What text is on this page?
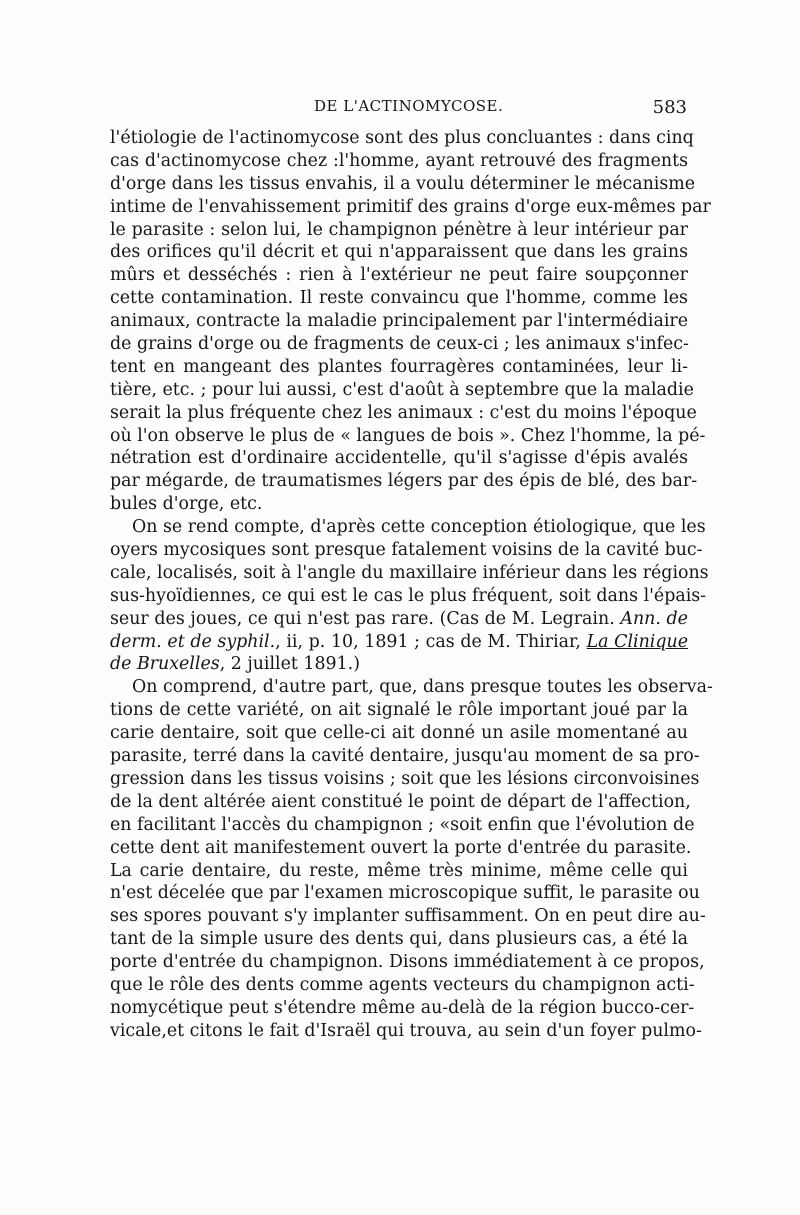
DE L'ACTINOMYCOSE.	583
l'étiologie de l'actinomycose sont des plus concluantes : dans cinq
cas d'actinomycose chez :l'homme, ayant retrouvé des fragments
d'orge dans les tissus envahis, il a voulu déterminer le mécanisme
intime de l'envahissement primitif des grains d'orge eux-mêmes par
le parasite : selon lui, le champignon pénètre à leur intérieur par
des orifices qu'il décrit et qui n'apparaissent que dans les grains
mûrs et desséchés : rien à l'extérieur ne peut faire soupçonner
cette contamination. Il reste convaincu que l'homme, comme les
animaux, contracte la maladie principalement par l'intermédiaire
de grains d'orge ou de fragments de ceux-ci ; les animaux s'infec-
tent en mangeant des plantes fourragères contaminées, leur li-
tière, etc. ; pour lui aussi, c'est d'août à septembre que la maladie
serait la plus fréquente chez les animaux : c'est du moins l'époque
où l'on observe le plus de « langues de bois ». Chez l'homme, la pé-
nétration est d'ordinaire accidentelle, qu'il s'agisse d'épis avalés
par mégarde, de traumatismes légers par des épis de blé, des bar-
bules d'orge, etc.
On se rend compte, d'après cette conception étiologique, que les
oyers mycosiques sont presque fatalement voisins de la cavité buc-
cale, localisés, soit à l'angle du maxillaire inférieur dans les régions
sus-hyoïdiennes, ce qui est le cas le plus fréquent, soit dans l'épais-
seur des joues, ce qui n'est pas rare. (Cas de M. Legrain. Ann. de
derm. et de syphil., ii, p. 10, 1891 ; cas de M. Thiriar, La Clinique
de Bruxelles, 2 juillet 1891.)
On comprend, d'autre part, que, dans presque toutes les observa-
tions de cette variété, on ait signalé le rôle important joué par la
carie dentaire, soit que celle-ci ait donné un asile momentané au
parasite, terré dans la cavité dentaire, jusqu'au moment de sa pro-
gression dans les tissus voisins ; soit que les lésions circonvoisines
de la dent altérée aient constitué le point de départ de l'affection,
en facilitant l'accès du champignon ; «soit enfin que l'évolution de
cette dent ait manifestement ouvert la porte d'entrée du parasite.
La carie dentaire, du reste, même très minime, même celle qui
n'est décelée que par l'examen microscopique suffit, le parasite ou
ses spores pouvant s'y implanter suffisamment. On en peut dire au-
tant de la simple usure des dents qui, dans plusieurs cas, a été la
porte d'entrée du champignon. Disons immédiatement à ce propos,
que le rôle des dents comme agents vecteurs du champignon acti-
nomycétique peut s'étendre même au-delà de la région bucco-cer-
vicale,et citons le fait d'Israël qui trouva, au sein d'un foyer pulmo-
